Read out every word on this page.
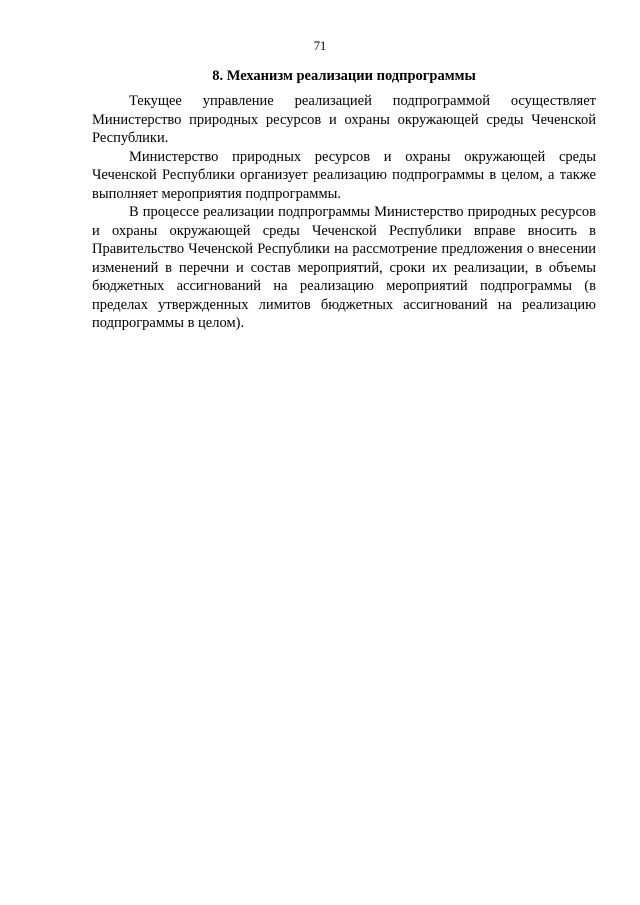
71
8. Механизм реализации подпрограммы

Текущее управление реализацией подпрограммой осуществляет Министерство природных ресурсов и охраны окружающей среды Чеченской Республики.

Министерство природных ресурсов и охраны окружающей среды Чеченской Республики организует реализацию подпрограммы в целом, а также выполняет мероприятия подпрограммы.

В процессе реализации подпрограммы Министерство природных ресурсов и охраны окружающей среды Чеченской Республики вправе вносить в Правительство Чеченской Республики на рассмотрение предложения о внесении изменений в перечни и состав мероприятий, сроки их реализации, в объемы бюджетных ассигнований на реализацию мероприятий подпрограммы (в пределах утвержденных лимитов бюджетных ассигнований на реализацию подпрограммы в целом).
